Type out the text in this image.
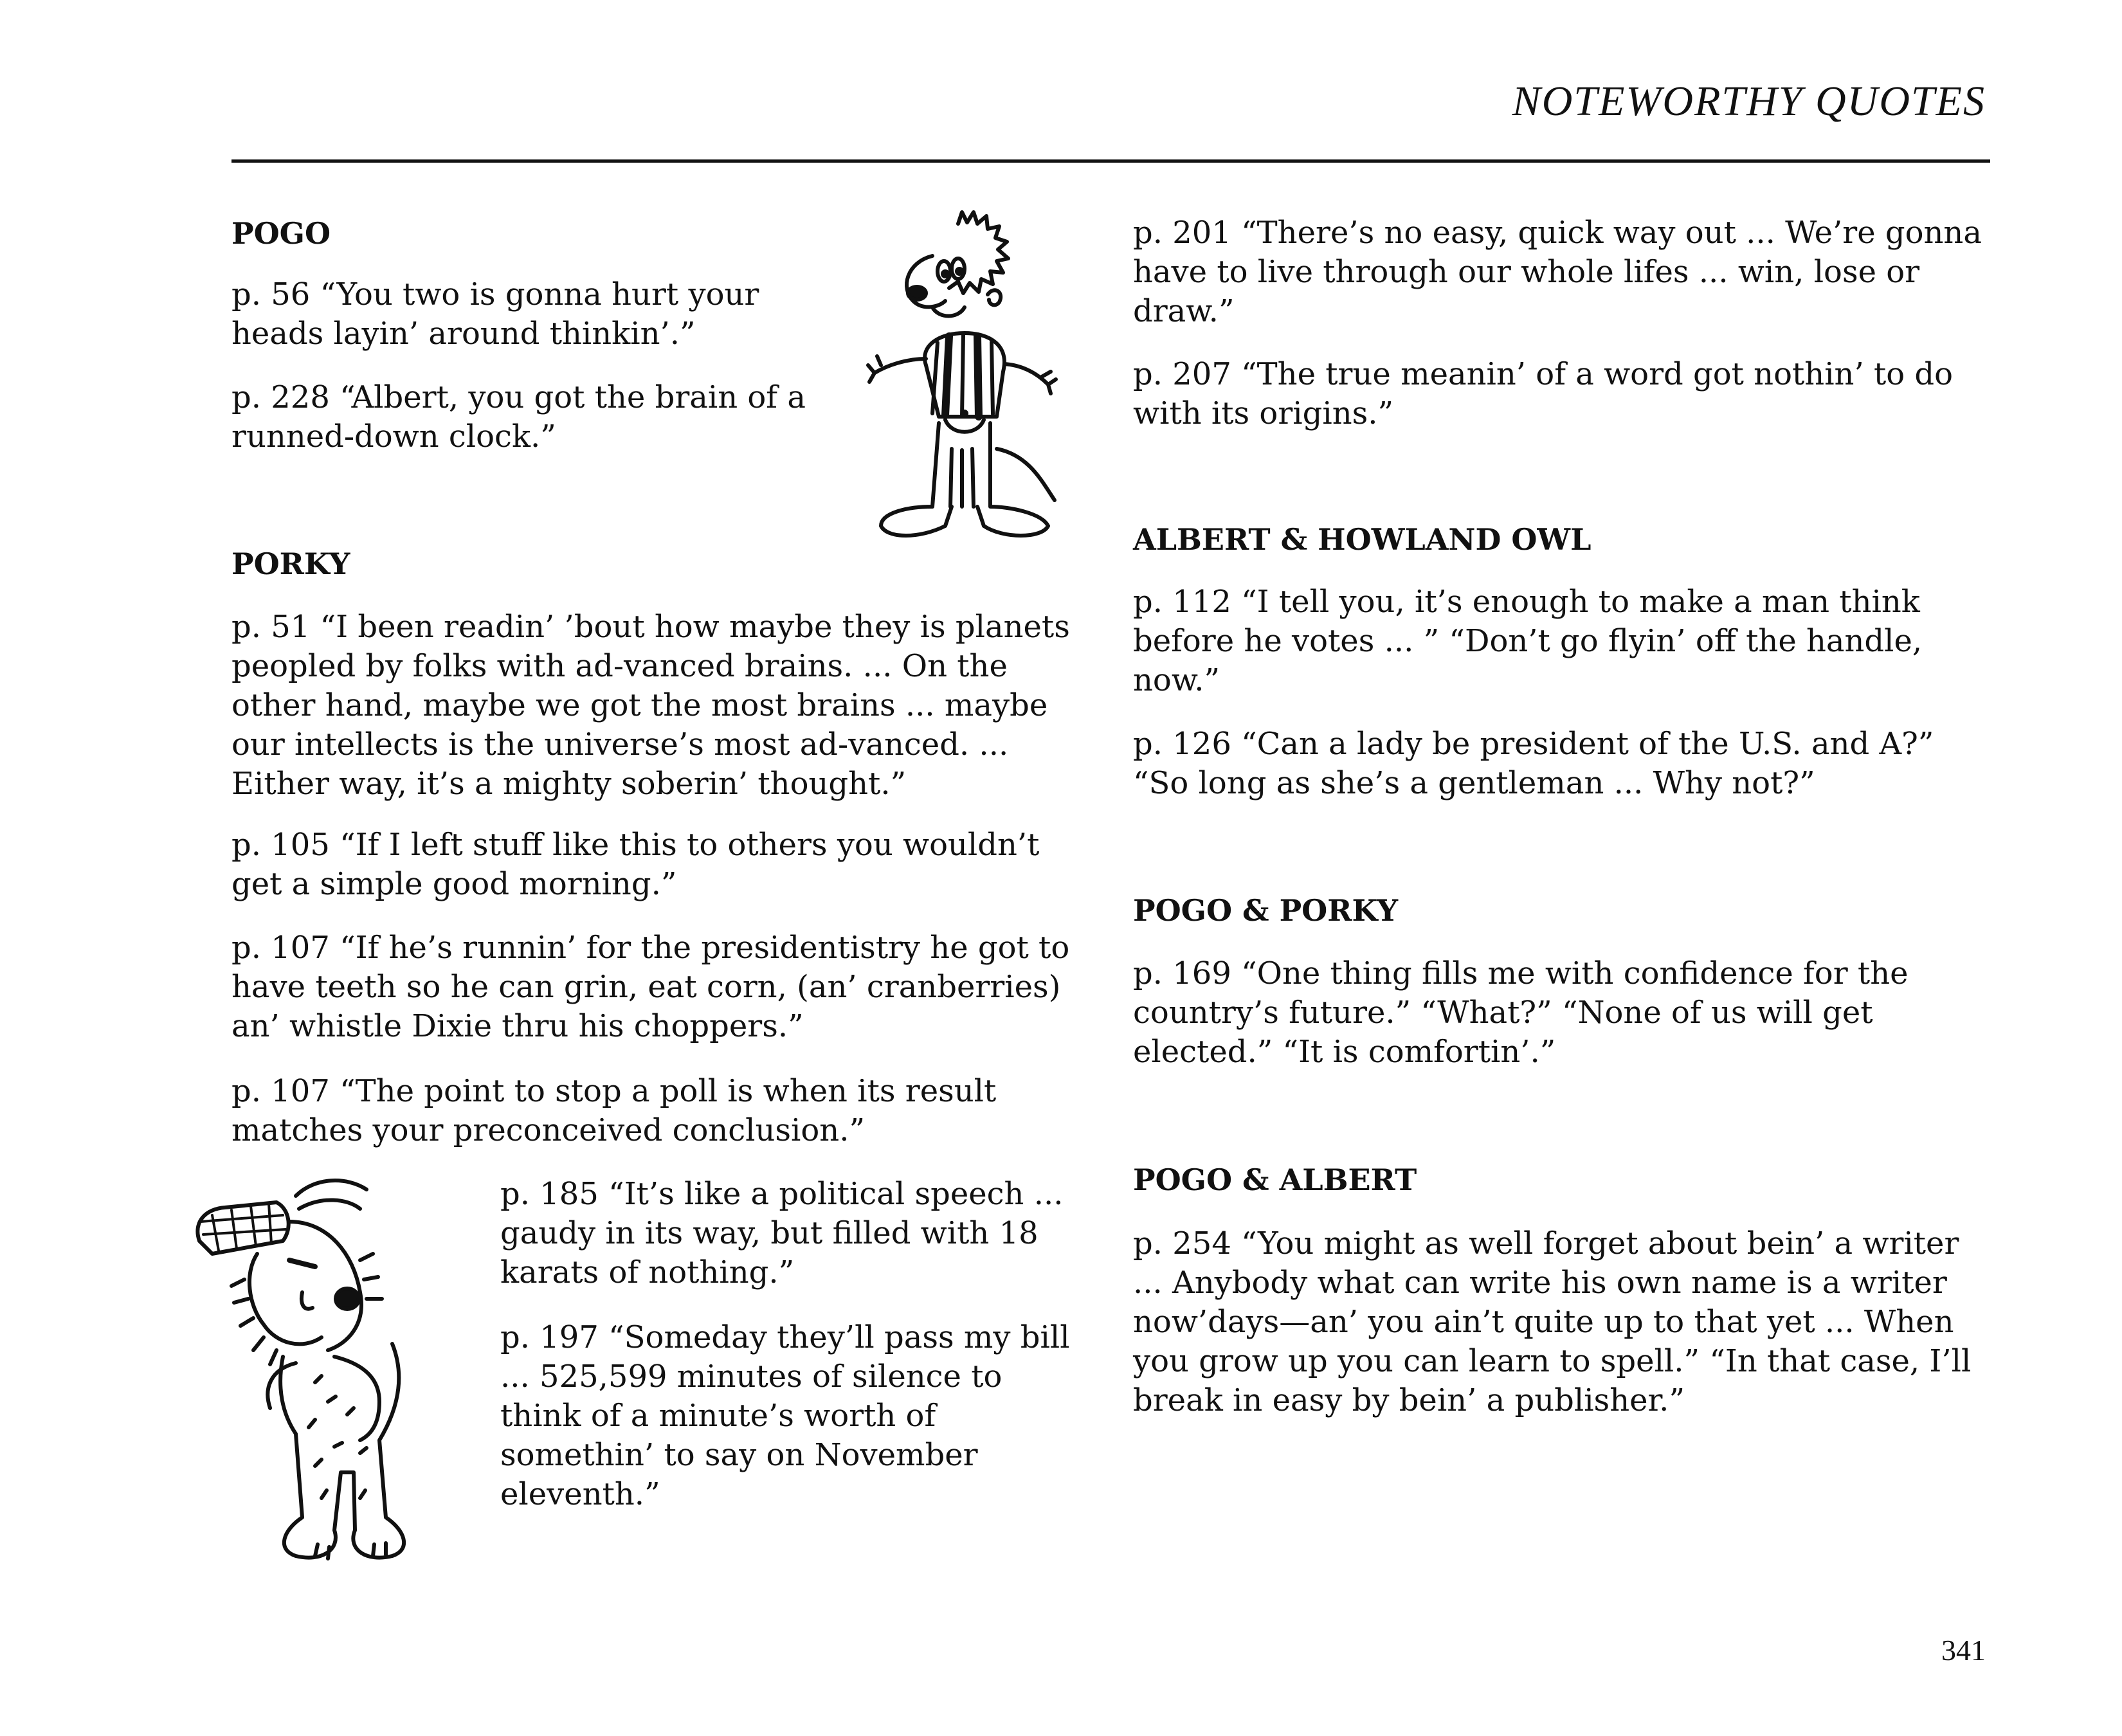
NOTEWORTHY QUOTES
POGO

p. 56 “You two is gonna hurt your heads layin’ around thinkin’.”

p. 228 “Albert, you got the brain of a runned-down clock.”

PORKY

p. 51 “I been readin’ ’bout how maybe they is planets peopled by folks with ad-vanced brains. ... On the other hand, maybe we got the most brains ... maybe our intellects is the universe’s most ad-vanced. ... Either way, it’s a mighty soberin’ thought.”

p. 105 “If I left stuff like this to others you wouldn’t get a simple good morning.”

p. 107 “If he’s runnin’ for the presidentistry he got to have teeth so he can grin, eat corn, (an’ cranberries) an’ whistle Dixie thru his choppers.”

p. 107 “The point to stop a poll is when its result matches your preconceived conclusion.”

p. 185 “It’s like a political speech ... gaudy in its way, but filled with 18 karats of nothing.”

p. 197 “Someday they’ll pass my bill ... 525,599 minutes of silence to think of a minute’s worth of somethin’ to say on November eleventh.”

p. 201 “There’s no easy, quick way out ... We’re gonna have to live through our whole lifes ... win, lose or draw.”

p. 207 “The true meanin’ of a word got nothin’ to do with its origins.”

ALBERT & HOWLAND OWL

p. 112 “I tell you, it’s enough to make a man think before he votes ... ” “Don’t go flyin’ off the handle, now.”

p. 126 “Can a lady be president of the U.S. and A?” “So long as she’s a gentleman ... Why not?”

POGO & PORKY

p. 169 “One thing fills me with confidence for the country’s future.” “What?” “None of us will get elected.” “It is comfortin’.”

POGO & ALBERT

p. 254 “You might as well forget about bein’ a writer ... Anybody what can write his own name is a writer now’days—an’ you ain’t quite up to that yet ... When you grow up you can learn to spell.” “In that case, I’ll break in easy by bein’ a publisher.”

341
